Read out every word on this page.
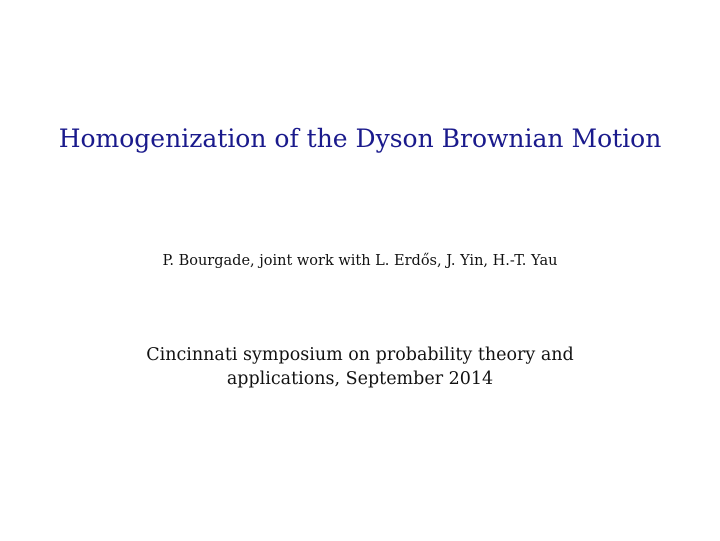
Homogenization of the Dyson Brownian Motion
P. Bourgade, joint work with L. Erdős, J. Yin, H.-T. Yau
Cincinnati symposium on probability theory and
applications, September 2014
